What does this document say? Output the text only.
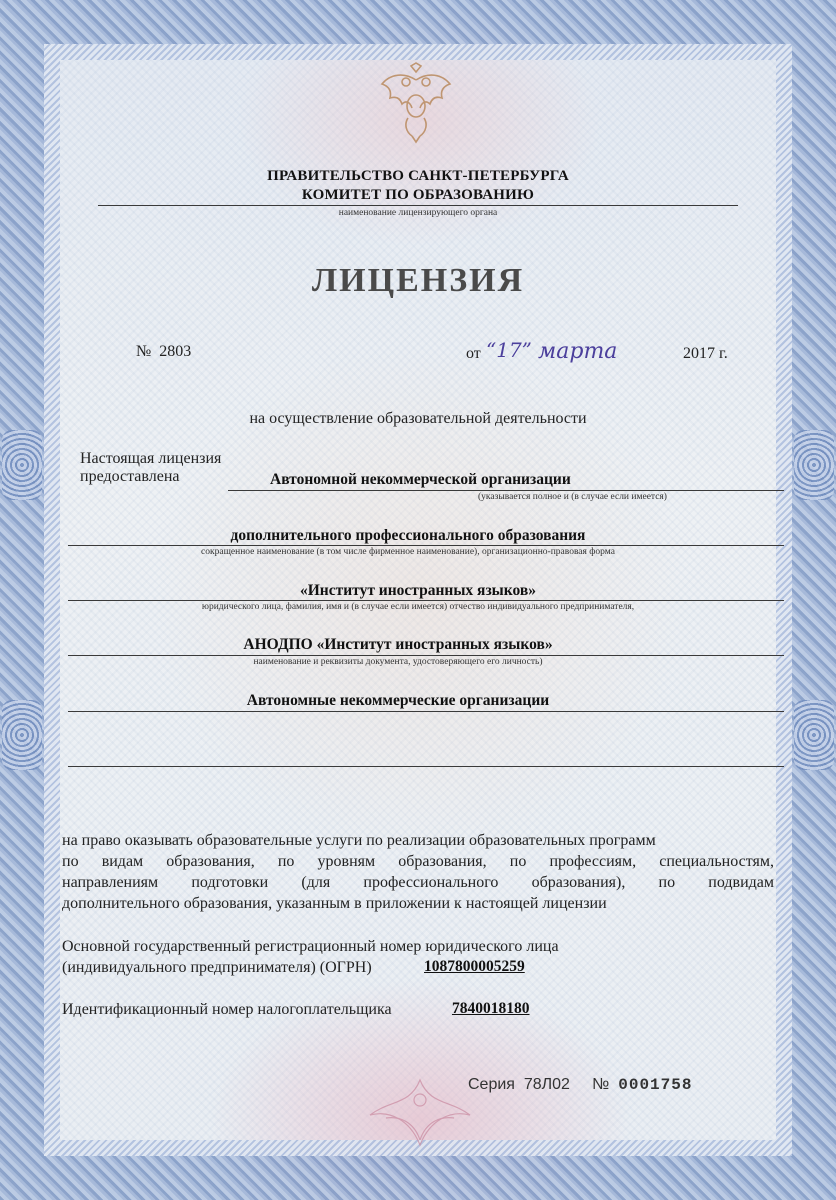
ПРАВИТЕЛЬСТВО САНКТ-ПЕТЕРБУРГА
КОМИТЕТ ПО ОБРАЗОВАНИЮ
наименование лицензирующего органа
ЛИЦЕНЗИЯ
№ 2803	от “17” марта	2017 г.
на осуществление образовательной деятельности
Настоящая лицензия
предоставлена	Автономной некоммерческой организации
(указывается полное и (в случае если имеется)
дополнительного профессионального образования
сокращенное наименование (в том числе фирменное наименование), организационно-правовая форма
«Институт иностранных языков»
юридического лица, фамилия, имя и (в случае если имеется) отчество индивидуального предпринимателя,
АНОДПО «Институт иностранных языков»
наименование и реквизиты документа, удостоверяющего его личность)
Автономные некоммерческие организации
на право оказывать образовательные услуги по реализации образовательных программ
по видам образования, по уровням образования, по профессиям, специальностям,
направлениям подготовки (для профессионального образования), по подвидам
дополнительного образования, указанным в приложении к настоящей лицензии
Основной государственный регистрационный номер юридического лица
(индивидуального предпринимателя) (ОГРН)	1087800005259
Идентификационный номер налогоплательщика	7840018180
Серия 78Л02 № 0001758
